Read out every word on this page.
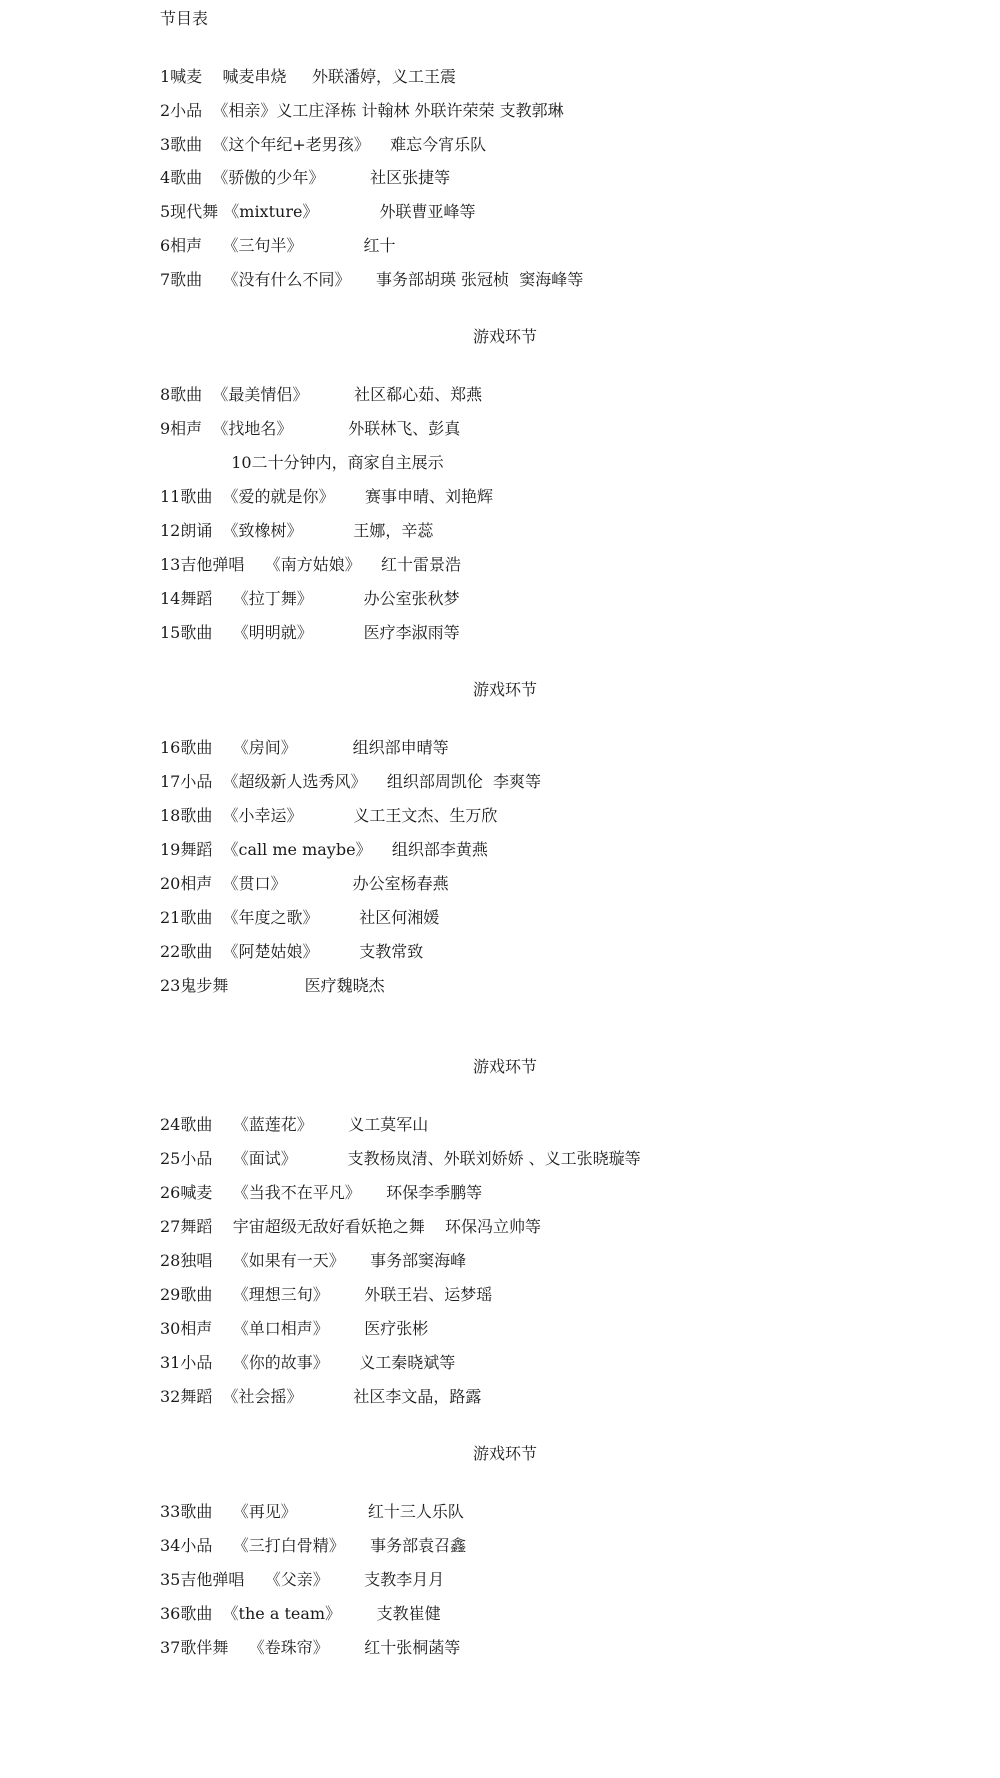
节目表
1喊麦    喊麦串烧     外联潘婷，义工王震
2小品  《相亲》义工庄泽栋 计翰林 外联许荣荣 支教郭琳
3歌曲  《这个年纪+老男孩》    难忘今宵乐队
4歌曲  《骄傲的少年》         社区张捷等
5现代舞 《mixture》            外联曹亚峰等
6相声    《三句半》            红十
7歌曲    《没有什么不同》     事务部胡瑛 张冠桢  窦海峰等
游戏环节
8歌曲  《最美情侣》         社区郗心茹、郑燕
9相声  《找地名》           外联林飞、彭真
10二十分钟内，商家自主展示
11歌曲  《爱的就是你》      赛事申晴、刘艳辉
12朗诵  《致橡树》          王娜，辛蕊
13吉他弹唱    《南方姑娘》    红十雷景浩
14舞蹈    《拉丁舞》          办公室张秋梦
15歌曲    《明明就》          医疗李淑雨等
游戏环节
16歌曲    《房间》           组织部申晴等
17小品  《超级新人选秀风》    组织部周凯伦  李爽等
18歌曲  《小幸运》          义工王文杰、生万欣
19舞蹈  《call me maybe》    组织部李黄燕
20相声  《贯口》             办公室杨春燕
21歌曲  《年度之歌》        社区何湘媛
22歌曲  《阿楚姑娘》        支教常致
23鬼步舞               医疗魏晓杰
游戏环节
24歌曲    《蓝莲花》       义工莫军山
25小品    《面试》          支教杨岚清、外联刘娇娇 、义工张晓璇等
26喊麦    《当我不在平凡》     环保李季鹏等
27舞蹈    宇宙超级无敌好看妖艳之舞    环保冯立帅等
28独唱    《如果有一天》     事务部窦海峰
29歌曲    《理想三旬》       外联王岩、运梦瑶
30相声    《单口相声》       医疗张彬
31小品    《你的故事》      义工秦晓斌等
32舞蹈  《社会摇》          社区李文晶，路露
游戏环节
33歌曲    《再见》              红十三人乐队
34小品    《三打白骨精》     事务部袁召鑫
35吉他弹唱    《父亲》       支教李月月
36歌曲  《the a team》       支教崔健
37歌伴舞    《卷珠帘》       红十张桐菡等
